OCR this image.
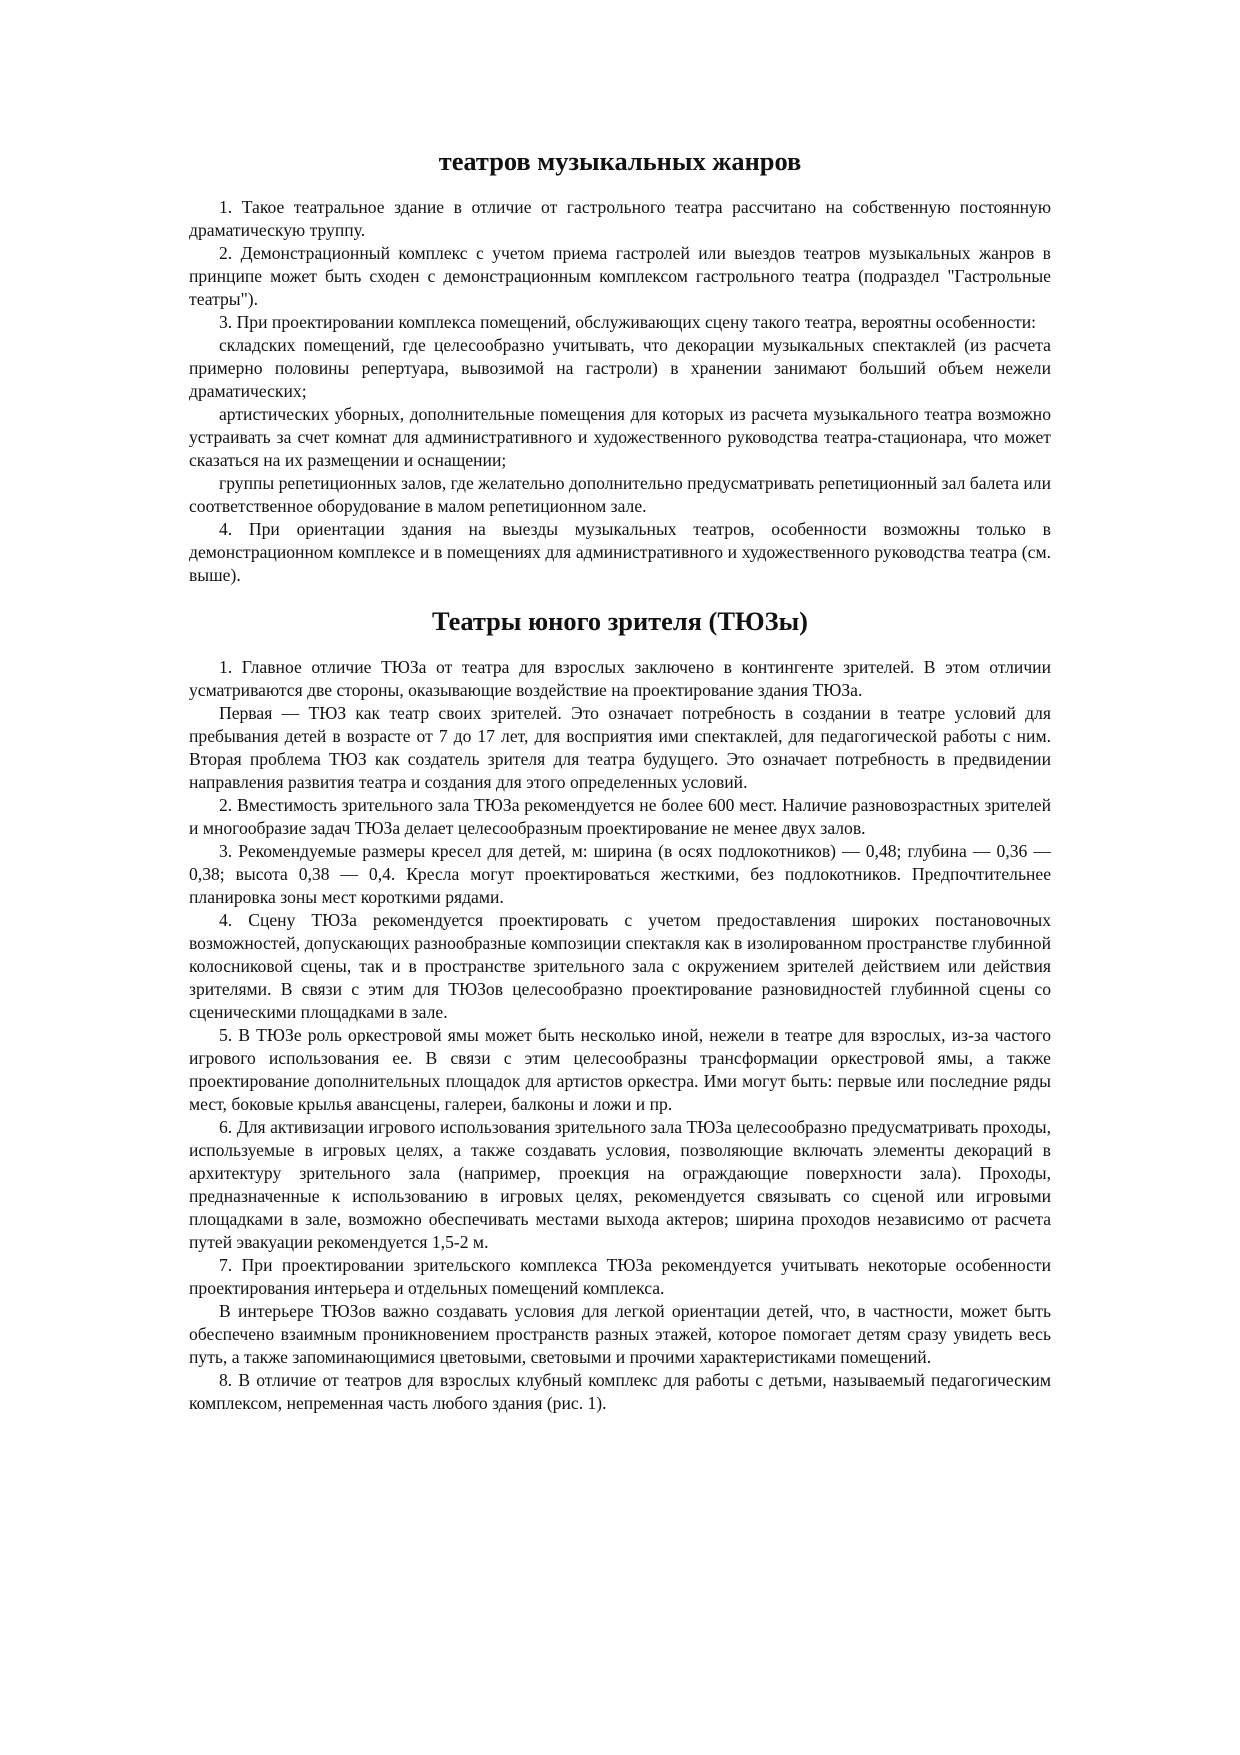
театров музыкальных жанров

1. Такое театральное здание в отличие от гастрольного театра рассчитано на собственную постоянную драматическую труппу.

2. Демонстрационный комплекс с учетом приема гастролей или выездов театров музыкальных жанров в принципе может быть сходен с демонстрационным комплексом гастрольного театра (подраздел "Гастрольные театры").

3. При проектировании комплекса помещений, обслуживающих сцену такого театра, вероятны особенности:

складских помещений, где целесообразно учитывать, что декорации музыкальных спектаклей (из расчета примерно половины репертуара, вывозимой на гастроли) в хранении занимают больший объем нежели драматических;

артистических уборных, дополнительные помещения для которых из расчета музыкального театра возможно устраивать за счет комнат для административного и художественного руководства театра-стационара, что может сказаться на их размещении и оснащении;

группы репетиционных залов, где желательно дополнительно предусматривать репетиционный зал балета или соответственное оборудование в малом репетиционном зале.

4. При ориентации здания на выезды музыкальных театров, особенности возможны только в демонстрационном комплексе и в помещениях для административного и художественного руководства театра (см. выше).

Театры юного зрителя (ТЮЗы)

1. Главное отличие ТЮЗа от театра для взрослых заключено в контингенте зрителей. В этом отличии усматриваются две стороны, оказывающие воздействие на проектирование здания ТЮЗа.

Первая — ТЮЗ как театр своих зрителей. Это означает потребность в создании в театре условий для пребывания детей в возрасте от 7 до 17 лет, для восприятия ими спектаклей, для педагогической работы с ним. Вторая проблема ТЮЗ как создатель зрителя для театра будущего. Это означает потребность в предвидении направления развития театра и создания для этого определенных условий.

2. Вместимость зрительного зала ТЮЗа рекомендуется не более 600 мест. Наличие разновозрастных зрителей и многообразие задач ТЮЗа делает целесообразным проектирование не менее двух залов.

3. Рекомендуемые размеры кресел для детей, м: ширина (в осях подлокотников) — 0,48; глубина — 0,36 — 0,38; высота 0,38 — 0,4. Кресла могут проектироваться жесткими, без подлокотников. Предпочтительнее планировка зоны мест короткими рядами.

4. Сцену ТЮЗа рекомендуется проектировать с учетом предоставления широких постановочных возможностей, допускающих разнообразные композиции спектакля как в изолированном пространстве глубинной колосниковой сцены, так и в пространстве зрительного зала с окружением зрителей действием или действия зрителями. В связи с этим для ТЮЗов целесообразно проектирование разновидностей глубинной сцены со сценическими площадками в зале.

5. В ТЮЗе роль оркестровой ямы может быть несколько иной, нежели в театре для взрослых, из-за частого игрового использования ее. В связи с этим целесообразны трансформации оркестровой ямы, а также проектирование дополнительных площадок для артистов оркестра. Ими могут быть: первые или последние ряды мест, боковые крылья авансцены, галереи, балконы и ложи и пр.

6. Для активизации игрового использования зрительного зала ТЮЗа целесообразно предусматривать проходы, используемые в игровых целях, а также создавать условия, позволяющие включать элементы декораций в архитектуру зрительного зала (например, проекция на ограждающие поверхности зала). Проходы, предназначенные к использованию в игровых целях, рекомендуется связывать со сценой или игровыми площадками в зале, возможно обеспечивать местами выхода актеров; ширина проходов независимо от расчета путей эвакуации рекомендуется 1,5-2 м.

7. При проектировании зрительского комплекса ТЮЗа рекомендуется учитывать некоторые особенности проектирования интерьера и отдельных помещений комплекса.

В интерьере ТЮЗов важно создавать условия для легкой ориентации детей, что, в частности, может быть обеспечено взаимным проникновением пространств разных этажей, которое помогает детям сразу увидеть весь путь, а также запоминающимися цветовыми, световыми и прочими характеристиками помещений.

8. В отличие от театров для взрослых клубный комплекс для работы с детьми, называемый педагогическим комплексом, непременная часть любого здания (рис. 1).
